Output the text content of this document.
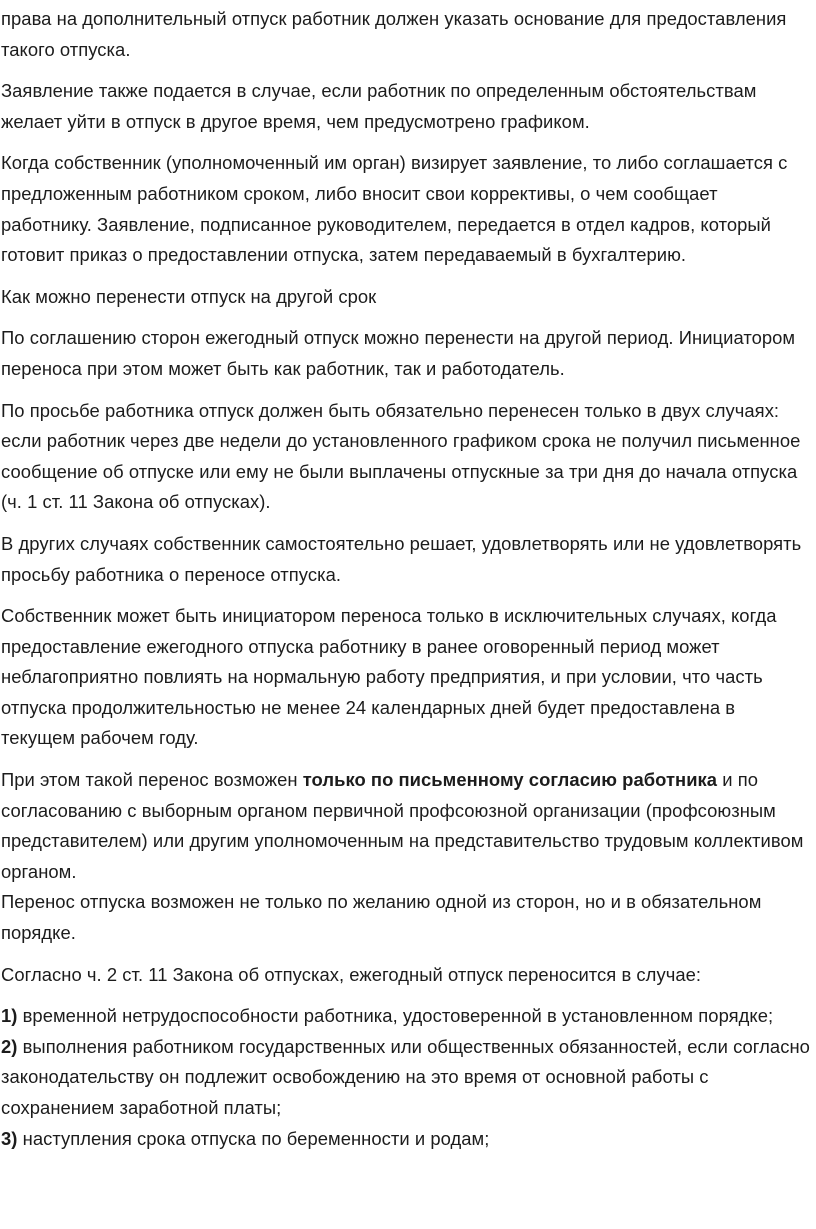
права на дополнительный отпуск работник должен указать основание для предоставления такого отпуска.

Заявление также подается в случае, если работник по определенным обстоятельствам желает уйти в отпуск в другое время, чем предусмотрено графиком.

Когда собственник (уполномоченный им орган) визирует заявление, то либо соглашается с предложенным работником сроком, либо вносит свои коррективы, о чем сообщает работнику. Заявление, подписанное руководителем, передается в отдел кадров, который готовит приказ о предоставлении отпуска, затем передаваемый в бухгалтерию.

Как можно перенести отпуск на другой срок

По соглашению сторон ежегодный отпуск можно перенести на другой период. Инициатором переноса при этом может быть как работник, так и работодатель.

По просьбе работника отпуск должен быть обязательно перенесен только в двух случаях: если работник через две недели до установленного графиком срока не получил письменное сообщение об отпуске или ему не были выплачены отпускные за три дня до начала отпуска (ч. 1 ст. 11 Закона об отпусках).

В других случаях собственник самостоятельно решает, удовлетворять или не удовлетворять просьбу работника о переносе отпуска.

Собственник может быть инициатором переноса только в исключительных случаях, когда предоставление ежегодного отпуска работнику в ранее оговоренный период может неблагоприятно повлиять на нормальную работу предприятия, и при условии, что часть отпуска продолжительностью не менее 24 календарных дней будет предоставлена в текущем рабочем году.

При этом такой перенос возможен только по письменному согласию работника и по согласованию с выборным органом первичной профсоюзной организации (профсоюзным представителем) или другим уполномоченным на представительство трудовым коллективом органом.

Перенос отпуска возможен не только по желанию одной из сторон, но и в обязательном порядке.

Согласно ч. 2 ст. 11 Закона об отпусках, ежегодный отпуск переносится в случае:

1) временной нетрудоспособности работника, удостоверенной в установленном порядке;

2) выполнения работником государственных или общественных обязанностей, если согласно законодательству он подлежит освобождению на это время от основной работы с сохранением заработной платы;

3) наступления срока отпуска по беременности и родам;
